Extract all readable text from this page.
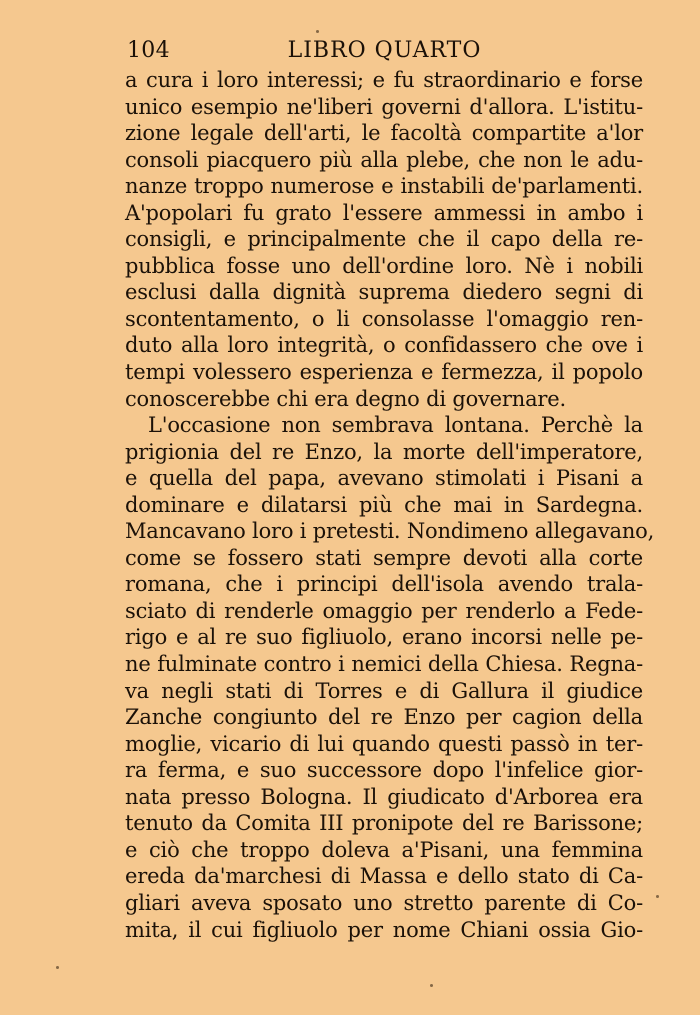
104	LIBRO QUARTO
a cura i loro interessi; e fu straordinario e forse
unico esempio ne'liberi governi d'allora. L'istitu-
zione legale dell'arti, le facoltà compartite a'lor
consoli piacquero più alla plebe, che non le adu-
nanze troppo numerose e instabili de'parlamenti.
A'popolari fu grato l'essere ammessi in ambo i
consigli, e principalmente che il capo della re-
pubblica fosse uno dell'ordine loro. Nè i nobili
esclusi dalla dignità suprema diedero segni di
scontentamento, o li consolasse l'omaggio ren-
duto alla loro integrità, o confidassero che ove i
tempi volessero esperienza e fermezza, il popolo
conoscerebbe chi era degno di governare.
L'occasione non sembrava lontana. Perchè la
prigionia del re Enzo, la morte dell'imperatore,
e quella del papa, avevano stimolati i Pisani a
dominare e dilatarsi più che mai in Sardegna.
Mancavano loro i pretesti. Nondimeno allegavano,
come se fossero stati sempre devoti alla corte
romana, che i principi dell'isola avendo trala-
sciato di renderle omaggio per renderlo a Fede-
rigo e al re suo figliuolo, erano incorsi nelle pe-
ne fulminate contro i nemici della Chiesa. Regna-
va negli stati di Torres e di Gallura il giudice
Zanche congiunto del re Enzo per cagion della
moglie, vicario di lui quando questi passò in ter-
ra ferma, e suo successore dopo l'infelice gior-
nata presso Bologna. Il giudicato d'Arborea era
tenuto da Comita III pronipote del re Barissone;
e ciò che troppo doleva a'Pisani, una femmina
ereda da'marchesi di Massa e dello stato di Ca-
gliari aveva sposato uno stretto parente di Co-
mita, il cui figliuolo per nome Chiani ossia Gio-
